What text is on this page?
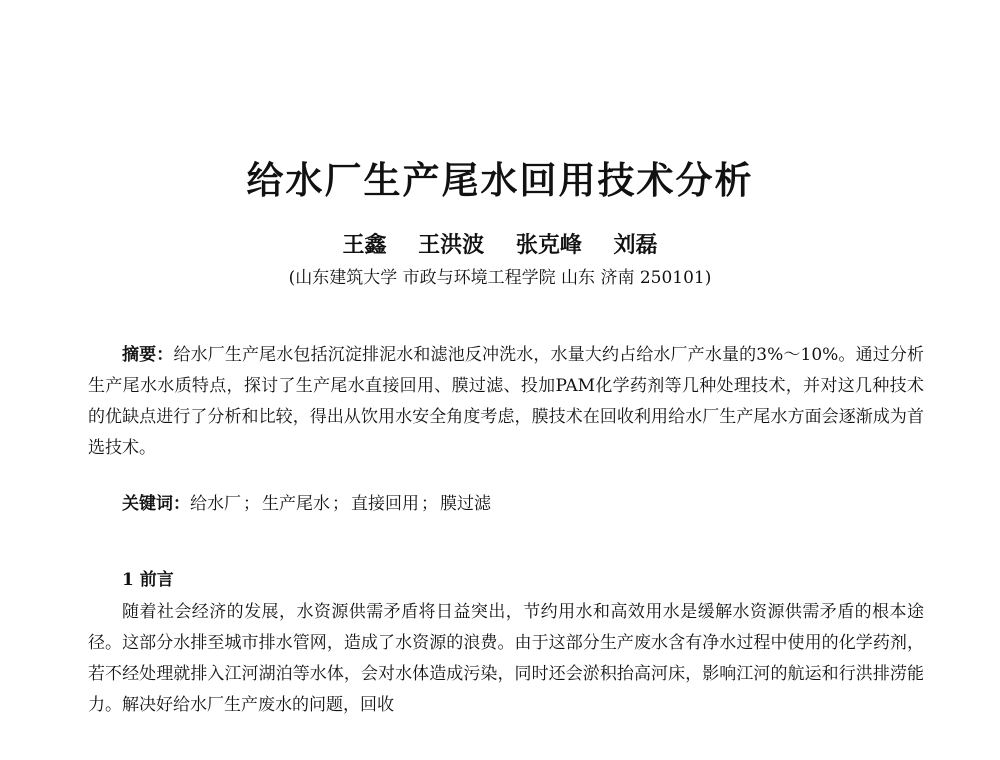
给水厂生产尾水回用技术分析
王鑫 王洪波 张克峰 刘磊
(山东建筑大学 市政与环境工程学院 山东 济南 250101)
摘要：给水厂生产尾水包括沉淀排泥水和滤池反冲洗水，水量大约占给水厂产水量的3%～10%。通过分析生产尾水水质特点，探讨了生产尾水直接回用、膜过滤、投加PAM化学药剂等几种处理技术，并对这几种技术的优缺点进行了分析和比较，得出从饮用水安全角度考虑，膜技术在回收利用给水厂生产尾水方面会逐渐成为首选技术。
关键词：给水厂 ； 生产尾水 ； 直接回用 ； 膜过滤
1 前言
随着社会经济的发展，水资源供需矛盾将日益突出，节约用水和高效用水是缓解水资源供需矛盾的根本途径。这部分水排至城市排水管网，造成了水资源的浪费。由于这部分生产废水含有净水过程中使用的化学药剂，若不经处理就排入江河湖泊等水体，会对水体造成污染，同时还会淤积抬高河床，影响江河的航运和行洪排涝能力。解决好给水厂生产废水的问题，回收
